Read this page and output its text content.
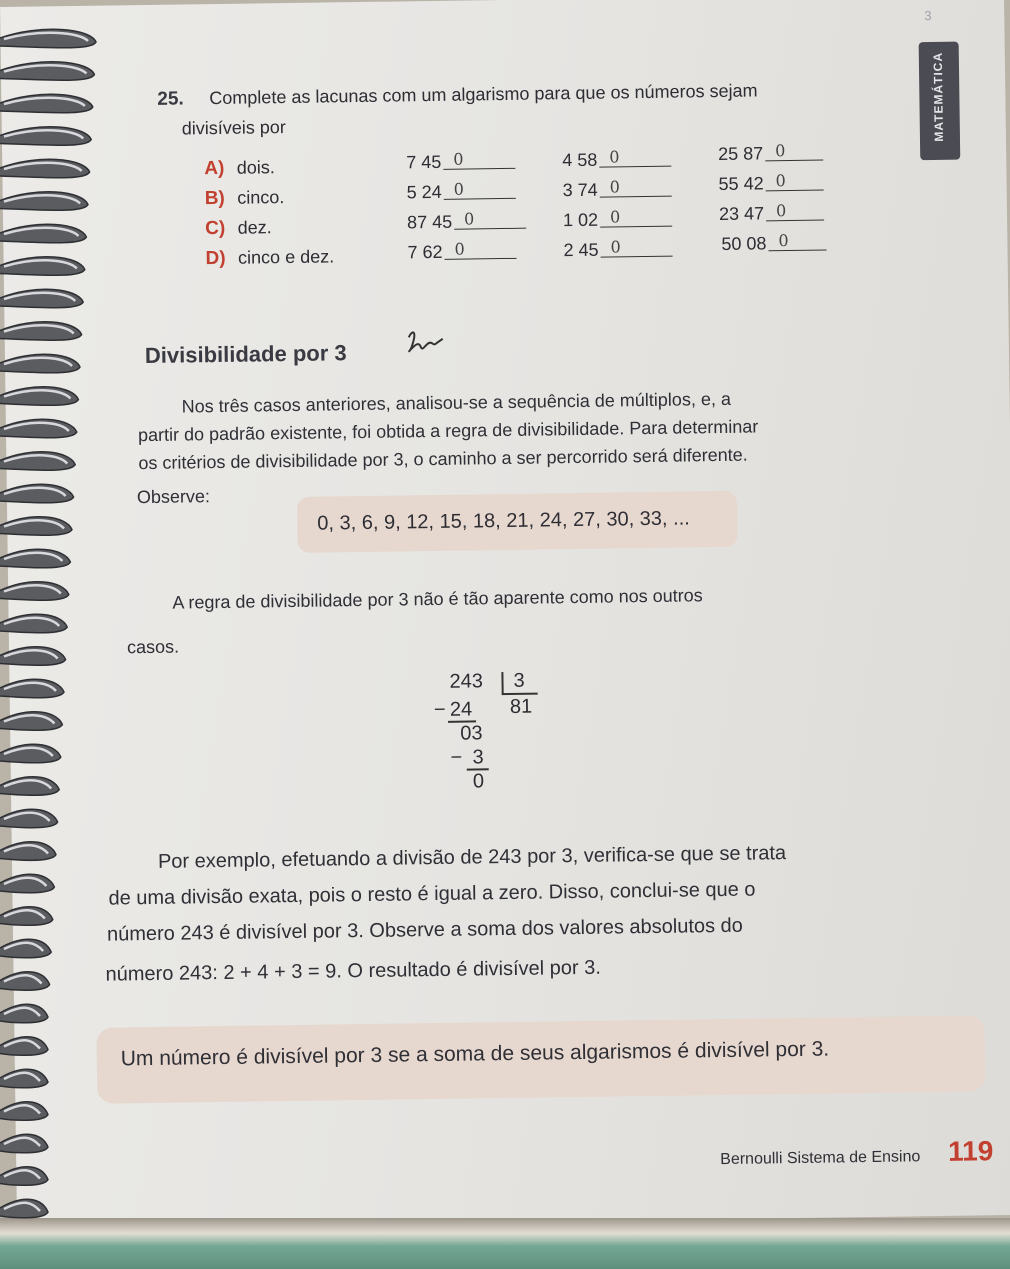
3
MATEMÁTICA
25. Complete as lacunas com um algarismo para que os números sejam
divisíveis por
A) dois.	7 45 0	4 58 0	25 87 0
B) cinco.	5 24 0	3 74 0	55 42 0
C) dez.	87 45 0	1 02 0	23 47 0
D) cinco e dez.	7 62 0	2 45 0	50 08 0
Divisibilidade por 3
Nos três casos anteriores, analisou-se a sequência de múltiplos, e, a
partir do padrão existente, foi obtida a regra de divisibilidade. Para determinar
os critérios de divisibilidade por 3, o caminho a ser percorrido será diferente.
Observe:
0, 3, 6, 9, 12, 15, 18, 21, 24, 27, 30, 33, ...
A regra de divisibilidade por 3 não é tão aparente como nos outros
casos.
243 3
81
− 24
03
− 3
0
Por exemplo, efetuando a divisão de 243 por 3, verifica-se que se trata
de uma divisão exata, pois o resto é igual a zero. Disso, conclui-se que o
número 243 é divisível por 3. Observe a soma dos valores absolutos do
número 243: 2 + 4 + 3 = 9. O resultado é divisível por 3.
Um número é divisível por 3 se a soma de seus algarismos é divisível por 3.
Bernoulli Sistema de Ensino 119
